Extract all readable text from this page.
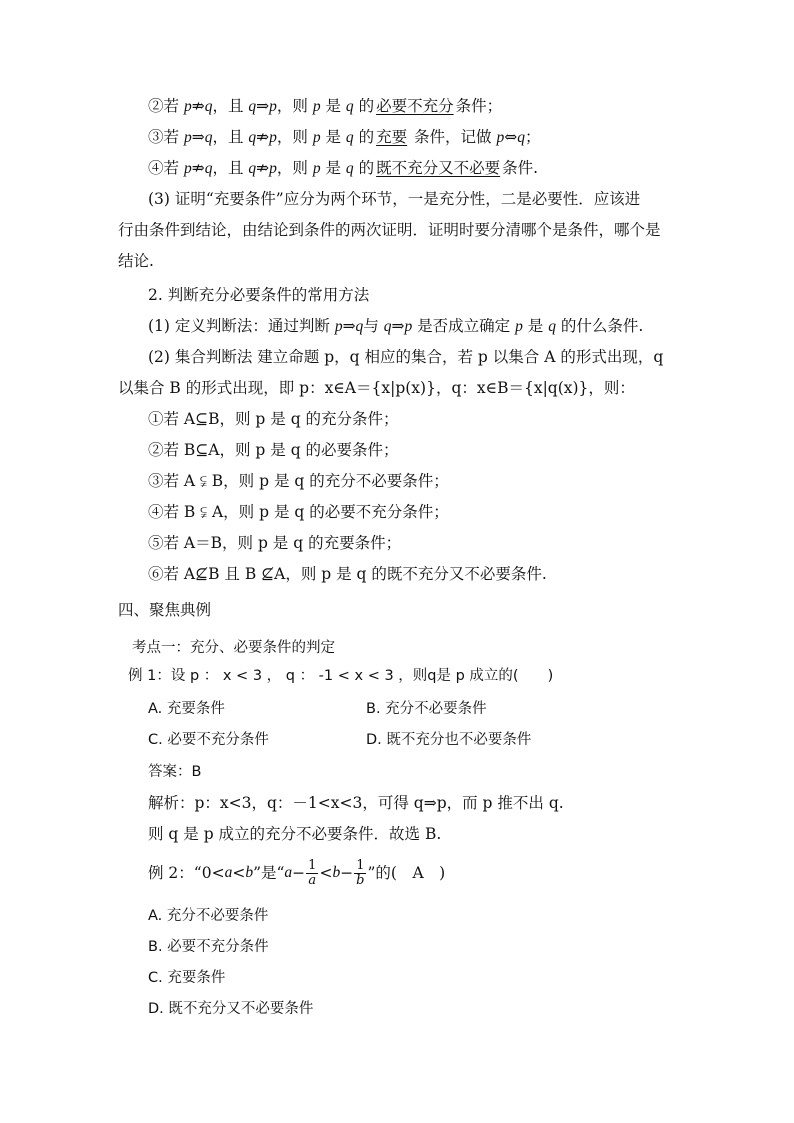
②若 p⇏q，且 q⇒p，则 p 是 q 的必要不充分条件；
③若 p⇒q，且 q⇏p，则 p 是 q 的充要 条件，记做 p⇔q；
④若 p⇏q，且 q⇏p，则 p 是 q 的既不充分又不必要条件.
(3) 证明“充要条件”应分为两个环节，一是充分性，二是必要性．应该进
行由条件到结论，由结论到条件的两次证明．证明时要分清哪个是条件，哪个是
结论.
2. 判断充分必要条件的常用方法
(1) 定义判断法：通过判断 p⇒q与 q⇒p 是否成立确定 p 是 q 的什么条件.
(2) 集合判断法 建立命题 p，q 相应的集合，若 p 以集合 A 的形式出现，q
以集合 B 的形式出现，即 p：x∈A＝{x|p(x)}，q：x∈B＝{x|q(x)}，则：
①若 A⊆B，则 p 是 q 的充分条件；
②若 B⊆A，则 p 是 q 的必要条件；
③若 A ⫋ B，则 p 是 q 的充分不必要条件；
④若 B ⫋ A，则 p 是 q 的必要不充分条件；
⑤若 A＝B，则 p 是 q 的充要条件；
⑥若 A⊈B 且 B ⊈A，则 p 是 q 的既不充分又不必要条件.
四、聚焦典例
考点一：充分、必要条件的判定
例 1：设 p ： x < 3 ， q ： -1 < x < 3 ，则q是 p 成立的(　　)
A. 充要条件	B. 充分不必要条件
C. 必要不充分条件	D. 既不充分也不必要条件
答案：B
解析：p：x<3，q：－1<x<3，可得 q⇒p，而 p 推不出 q.
则 q 是 p 成立的充分不必要条件．故选 B.
例 2：“0< a < b ”是“ $a - \frac{1}{a} < b - \frac{1}{b}$ ”的(　A　)
A. 充分不必要条件
B. 必要不充分条件
C. 充要条件
D. 既不充分又不必要条件
